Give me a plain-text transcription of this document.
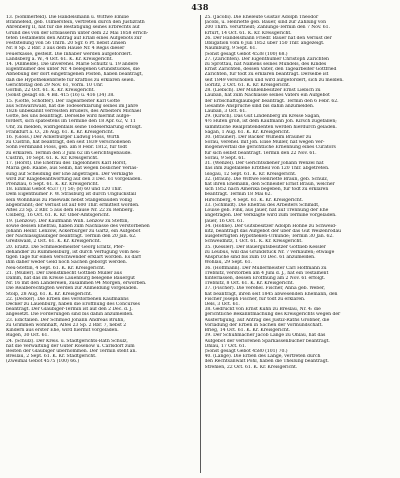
438
13. (Sommerfeld). Die Handelsmann u. Wittwe Emilie
Brannefeld, geb. Ullmerstein, vertreten durch den Justizrath
Ahrenberg II, hat für die Bestätigung seines Erbrechts auf
Grund des von der Erblasserin unter dem 22 Mai 1858 errich-
teten Testaments den Antrag auf Erlaß eines Aufgebots zur
Feststellung von 56 Thlrn. 20 Sgr. 6 Pf. nebst Zinsen
Nr. 8 Sp. 2 Rbr. 3 aus dem Hause Nr. 4 Regis dieser
Feuerkasse, gestellt. Die Inhaber werden aufgefordert.
Landsberg a. W., 4 Oct. 61. K. Kr. Kreisgericht.
14. (Anmelde). Die unverehel. Marie Schultz u. 19 andere
Eigenthümer des unter Nr. 4 belegenen Grundstückes, die
Abhebung der dort eingetragenen Posten, haben beantragt,
daß die Hypothekenbriefe für kraftlos zu erklären seien.
Gerichtstag den 29 Nov. 61, Vorm. 10 Uhr.
Gorbin, 22 Oct. 61. K. Kr. Kreisgericht.
(Sonst gesagt ob. 4 Bd. 415 (16) u. 416 (34) 38.
15. (Gotte, Schöffer). Der Tagearbeiter Karl Gotte
aus Schwarzwald, hat die Todeserklärung seines im Jahre
1826 unbekannt verreisten Bruders, des Arbeiters Michael
Gotte, bei uns beantragt. Derselbe wird hiermit aufge-
fordert, sich spätestens im Termine den 18 Apr. 62, V. 11
Uhr, zu melden, widrigenfalls seine Todeserklärung erfolgt.
Frankfurt a. O., 26 Aug. 61. K. Kr. Kreisgericht.
16. (Gloss.) Der Ackerbürger Ludwig Floss, Wirth
zu Cüstrin, hat beantragt, den seit 1839 verschollenen
Sohn Ferdinand Floss, geb. am 8 Febr. 1812, für todt
zu erklären. Termin den 3 Juni 62 im Gerichtsgebäude.
Cüstrin, 10 Sept. 61. K. Kr. Kreisgericht.
17. (Horst). Die Ehefrau des Tagelöhners Karl Horst,
Maria geb. Raabe, aus Sellin, hat wegen böslicher Verlas-
sung auf Scheidung der Ehe angetragen. Der Verklagte
wird zur Klagebeantwortung auf den 3 Dec. 61 vorgeladen.
Prenzlau, 6 Sept. 61. K. Kr. Kreisgericht.
18. Einmal Gebot 4537 (7) 50; (8) 60 und 120 Thlr.
Dem Eigenthümer F. W. Strasburg ist durch Unglücksfall
sein Wohnhaus zu Pasewalk nebst Stallgebäuden völlig
abgebrannt; der Verlust ist auf 600 Thlr. ermittelt worden.
Altes 23 Sp. 2 Rbr. 5 aus dem Hause Nr. 22 zu Rehberg.
Colberg, 16 Oct. 61. K. Kr. Ober-Amtsgericht.
19. (Lenzow). Der Kaufmann Wilh. Lenzow zu Stettin,
sowie dessen Ehefrau, haben zum Nachlasse des verstorbenen
Johann Heinr. Lenzow, Ackerbürger zu Gartz, ein Aufgebot
der Nachlassgläubiger beantragt. Termin den 20 Jan. 62.
Greifswald, 2 Oct. 61. K. Kr. Kreisgericht.
20. Eraltz. Die Schmiedemeister Georg Eraltz, Pfer-
dehändler zu Rummelsburg, ist durch Verfügung vom heu-
tigen Tage für einen Verschwender erklärt worden. Es darf
ihm daher weder Geld noch Sachen geborgt werden.
Neu-Stettin, 4 Sept. 61. K. Kr. Kreisgericht.
21. (Müller). Der Dienstknecht Gottlieb Müller aus
Damm, hat das im Kreise Lauenburg belegene Bauergut
Nr. 16 mit den Ländereien, zusammen 94 Morgen, erworben.
Die Realberechtigten werden zur Anmeldung vorgeladen.
Stolp, 28 Aug. 61. K. Kr. Kreisgericht.
22. (Decker). Die Erben des verstorbenen Kaufmanns
Decker zu Lauenburg, haben die Eröffnung des Concurses
beantragt. Der Gläubiger-Termin ist auf den 2 Dec. d. J.
angesetzt. Die Forderungen sind bis dahin anzumelden.
23. Edictalien. Der Schmied Johann Andreas Bruhn,
zu Grimmen wohnhaft, Altes 23 Sp. 2 Rbr. 7, nebst 2
Kindern aus erster Ehe, wird hiermit vorgeladen.
Rügen, 30 Oct. 61.
24. (Schulz). Der Kreis. u. Stadtgerichts-Rath Schulz,
hat die Verwaltung der Güter Rosenow u. Carlsdorf zum
Besten der Gläubiger übernommen. Der Termin steht an.
Breslau, 2 Sept. 61. K. Kr. Stadtgericht.
(Zweimal Gebot 4575 (100) 66.)
25. (Jacobi). Die Eheleute Gustav Adolph Theodor
Jacobi, u. Henriette geb. Bauer, sind zur Zahlung von
200 Thlrn. verurtheilt; Zahlungs-Termin den 7 Nov. 61.
Erfurt, 14 Oct. 61. K. Kr. Kreisgericht.
26. Der Handelsmann Friedr. Bauer hat den Verlust der
Obligation vom 6 Juli 1852 über 150 Thlr. angezeigt.
Naumburg, 9 Sept. 61.
(Sonst gesagt Gebot 4538 (100) 68.)
27. (Zarichten). Der Eigenthümer Christoph Zarichten
zu Sprottau, hat Namens seines Mündels, des Kindes
Ernst Zarichten, dessen Vater, den Tagearbeiter Gottfried
Zarichten, für todt zu erklären beantragt. Derselbe ist
seit 1849 verschollen und wird aufgefordert, sich zu melden.
Görlitz, 2 Oct. 61. K. Kr. Kreisgericht.
28. (Liebich). Der Mühlenbesitzer Ernst Liebich zu
Lauban, hat zum Nachlasse seines Vaters ein Aufgebot
der Erbschaftsgläubiger beantragt. Termin den 6 Febr. 62.
Gesamte Ansprüche sind bis dahin anzumelden.
Lauban, 3 Oct. 61.
29. (Kirsch). Das Gut Lindenberg im Kreise Sagan,
4½ Hufen groß, ist dem Kaufmann Joh. Kirsch zugefallen;
sämmtliche Realprätendenten werden hierdurch geladen.
Sagan, 1 Aug. 61. K. Kr. Kreisgericht.
30. (Brauner). Der Bäcker Wilhelm Brauner zu
Sorau, verehel. mit Joh. Elise Müller, hat wegen Ver-
mögensverfall die gerichtliche Ernennung eines Curators
für sich selbst beantragt. Termin den 22 Nov. 61.
Sorau, 9 Sept. 61.
31. (Wenzel). Der Gerichtsdiener Johann Wenzel hat
das ihm zugefallene Erbtheil von 120 Thlr. abgetreten.
Glogau, 12 Sept. 61. K. Kr. Kreisgericht.
32. (Braun). Die Wittwe Henriette Braun, geb. Schulz,
hat ihren Ehemann, den Schneider Ernst Braun, welcher
sich 1852 nach Amerika begeben, für todt zu erklären
beantragt. Termin 18 Mai 62.
Hirschberg, 4 Sept. 61. K. Kr. Kreisgericht.
33. (Schmidt). Die Ehefrau des Arbeiters Schmidt,
Louise geb. Fink, aus Jauer, hat auf Trennung der Ehe
angetragen. Der Verklagte wird zum Termine vorgeladen.
Jauer, 16 Oct. 61.
34. (Höhne). Der Gutsbesitzer Adolph Höhne zu Schweid-
nitz, beantragt das Aufgebot der über das Gut Weizenrodau
ausgefertigten Hypotheken-Urkunde; Termin 30 Jan. 62.
Schweidnitz, 1 Oct. 61. K. Kr. Kreisgericht.
35. (Kessler). Der Bauergutsbesitzer Gottlieb Kessler
zu Leubus, will das Grundstück Nr. 7 verkaufen; etwaige
Ansprüche sind bis zum 10 Dec. 61 anzumelden.
Wohlau, 29 Sept. 61.
36. (Hoffmann). Der Müllermeister Carl Hoffmann zu
Trebnitz, verstorben am 4 Juni d. J., hat ein Testament
hinterlassen, dessen Eröffnung am 2 Nov. 61 erfolgt.
Trebnitz, 8 Oct. 61. K. Kr. Kreisgericht.
37. (Fischer). Die verehel. Fischer, Anna geb. Weber,
hat beantragt, ihren seit 1845 abwesenden Ehemann, den
Fischer Joseph Fischer, für todt zu erklären.
Oels, 3 Oct. 61.
38. Gedruckt von Ernst Kühn zu Breslau, Nr. 4: die
gerichtliche Bekanntmachung des Kreisgerichts wegen der
Ausfertigung, auf Antrag des Justiz-Raths Gröbner, die
Vorladung der Erben in Sachen der Vormundschaft.
Brieg, 14 Oct. 61. K. Kr. Kreisgericht.
39. Der Schuhmacher Jacob Lange zu Ohlau, hat das
Aufgebot der verlorenen Sparkassenbücher beantragt.
Ohlau, 17 Oct. 61.
(Sonst gesagt Gebot 4580 (101) 70.)
40. (Lange). Die Erben des Lange, vertreten durch
den Rechtsanwalt Pohl, haben die Theilung beantragt.
Strehlen, 22 Oct. 61. K. Kr. Kreisgericht.
